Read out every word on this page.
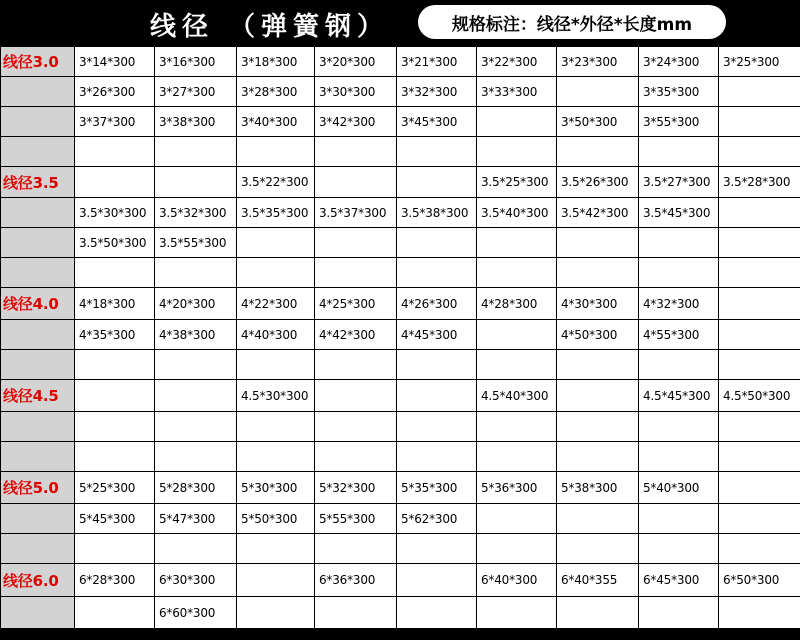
线径 （弹簧钢）	规格标注：线径*外径*长度mm
线径3.0	3*14*300	3*16*300	3*18*300	3*20*300	3*21*300	3*22*300	3*23*300	3*24*300	3*25*300
	3*26*300	3*27*300	3*28*300	3*30*300	3*32*300	3*33*300		3*35*300	
	3*37*300	3*38*300	3*40*300	3*42*300	3*45*300		3*50*300	3*55*300	

线径3.5			3.5*22*300			3.5*25*300	3.5*26*300	3.5*27*300	3.5*28*300
	3.5*30*300	3.5*32*300	3.5*35*300	3.5*37*300	3.5*38*300	3.5*40*300	3.5*42*300	3.5*45*300	
	3.5*50*300	3.5*55*300							

线径4.0	4*18*300	4*20*300	4*22*300	4*25*300	4*26*300	4*28*300	4*30*300	4*32*300	
	4*35*300	4*38*300	4*40*300	4*42*300	4*45*300		4*50*300	4*55*300	

线径4.5			4.5*30*300			4.5*40*300		4.5*45*300	4.5*50*300

线径5.0	5*25*300	5*28*300	5*30*300	5*32*300	5*35*300	5*36*300	5*38*300	5*40*300	
	5*45*300	5*47*300	5*50*300	5*55*300	5*62*300				

线径6.0	6*28*300	6*30*300		6*36*300		6*40*300	6*40*355	6*45*300	6*50*300
		6*60*300							
